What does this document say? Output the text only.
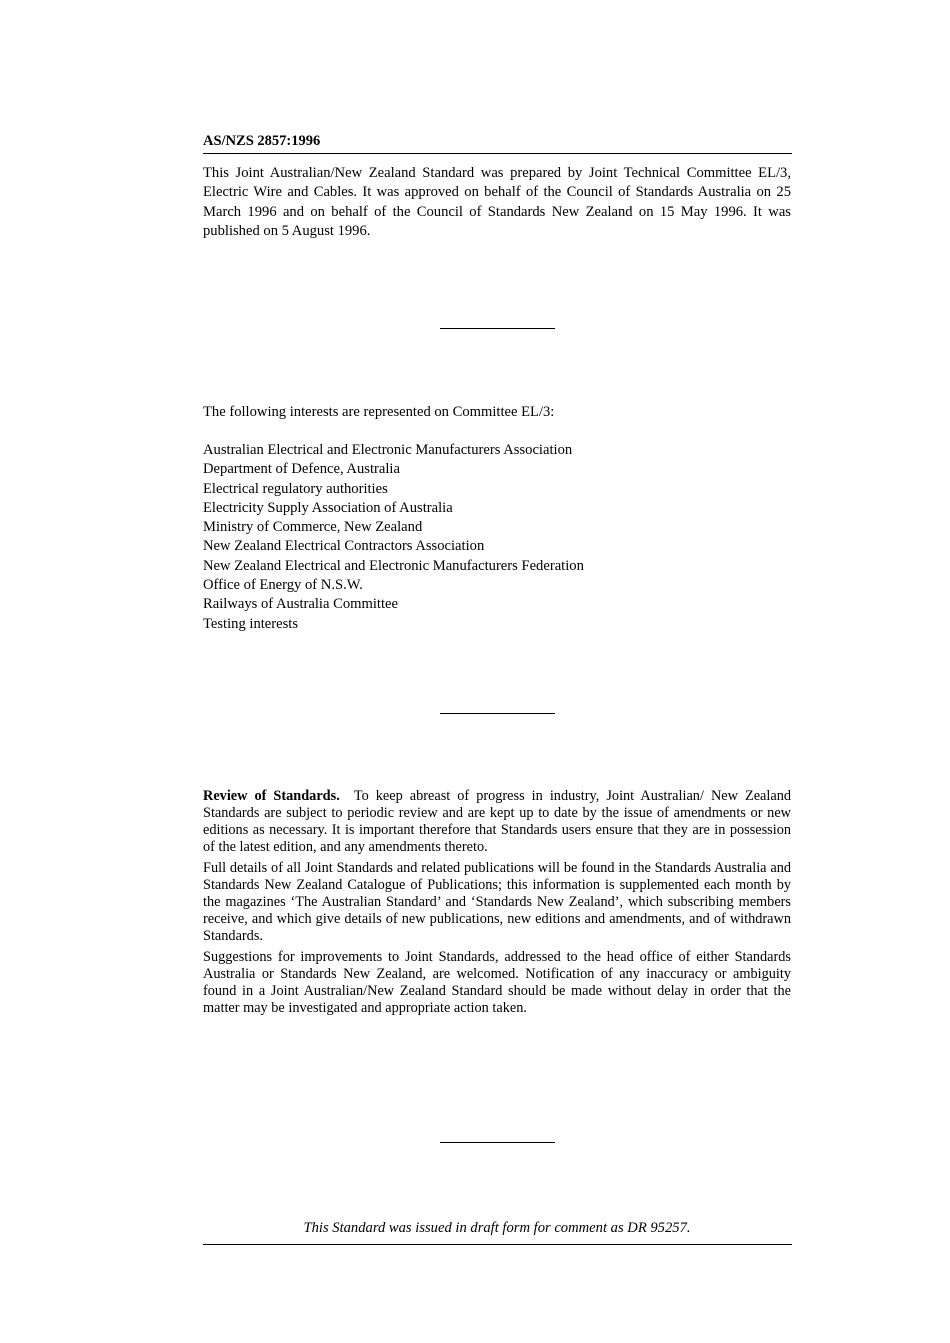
AS/NZS 2857:1996
This Joint Australian/New Zealand Standard was prepared by Joint Technical Committee EL/3, Electric Wire and Cables. It was approved on behalf of the Council of Standards Australia on 25 March 1996 and on behalf of the Council of Standards New Zealand on 15 May 1996. It was published on 5 August 1996.
The following interests are represented on Committee EL/3:
Australian Electrical and Electronic Manufacturers Association
Department of Defence, Australia
Electrical regulatory authorities
Electricity Supply Association of Australia
Ministry of Commerce, New Zealand
New Zealand Electrical Contractors Association
New Zealand Electrical and Electronic Manufacturers Federation
Office of Energy of N.S.W.
Railways of Australia Committee
Testing interests

Review of Standards. To keep abreast of progress in industry, Joint Australian/ New Zealand Standards are subject to periodic review and are kept up to date by the issue of amendments or new editions as necessary. It is important therefore that Standards users ensure that they are in possession of the latest edition, and any amendments thereto.

Full details of all Joint Standards and related publications will be found in the Standards Australia and Standards New Zealand Catalogue of Publications; this information is supplemented each month by the magazines ‘The Australian Standard’ and ‘Standards New Zealand’, which subscribing members receive, and which give details of new publications, new editions and amendments, and of withdrawn Standards.

Suggestions for improvements to Joint Standards, addressed to the head office of either Standards Australia or Standards New Zealand, are welcomed. Notification of any inaccuracy or ambiguity found in a Joint Australian/New Zealand Standard should be made without delay in order that the matter may be investigated and appropriate action taken.

This Standard was issued in draft form for comment as DR 95257.
